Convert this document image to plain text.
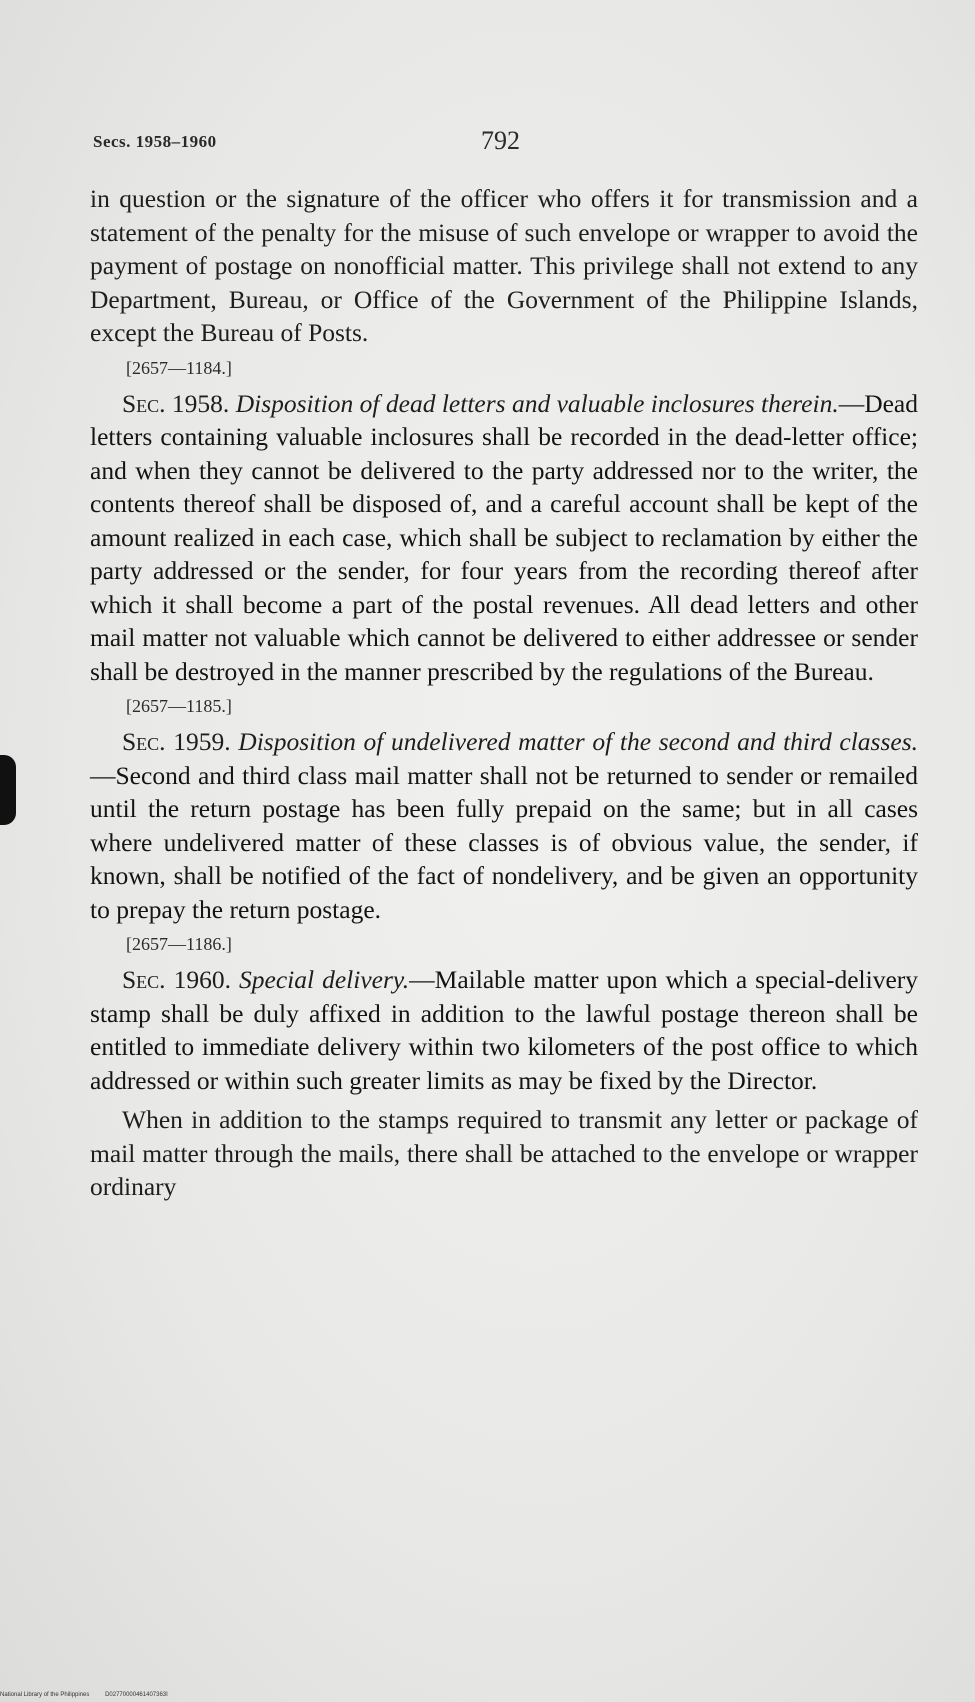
Secs. 1958–1960	792

in question or the signature of the officer who offers it for transmission and a statement of the penalty for the misuse of such envelope or wrapper to avoid the payment of postage on nonofficial matter. This privilege shall not extend to any Department, Bureau, or Office of the Government of the Philippine Islands, except the Bureau of Posts.

[2657—1184.]

Sec. 1958. Disposition of dead letters and valuable inclosures therein.—Dead letters containing valuable inclosures shall be recorded in the dead-letter office; and when they cannot be delivered to the party addressed nor to the writer, the contents thereof shall be disposed of, and a careful account shall be kept of the amount realized in each case, which shall be subject to reclamation by either the party addressed or the sender, for four years from the recording thereof after which it shall become a part of the postal revenues. All dead letters and other mail matter not valuable which cannot be delivered to either addressee or sender shall be destroyed in the manner prescribed by the regulations of the Bureau.

[2657—1185.]

Sec. 1959. Disposition of undelivered matter of the second and third classes.—Second and third class mail matter shall not be returned to sender or remailed until the return postage has been fully prepaid on the same; but in all cases where undelivered matter of these classes is of obvious value, the sender, if known, shall be notified of the fact of nondelivery, and be given an opportunity to prepay the return postage.

[2657—1186.]

Sec. 1960. Special delivery.—Mailable matter upon which a special-delivery stamp shall be duly affixed in addition to the lawful postage thereon shall be entitled to immediate delivery within two kilometers of the post office to which addressed or within such greater limits as may be fixed by the Director.

When in addition to the stamps required to transmit any letter or package of mail matter through the mails, there shall be attached to the envelope or wrapper ordinary

National Library of the Philippines	D02770000461407363I
